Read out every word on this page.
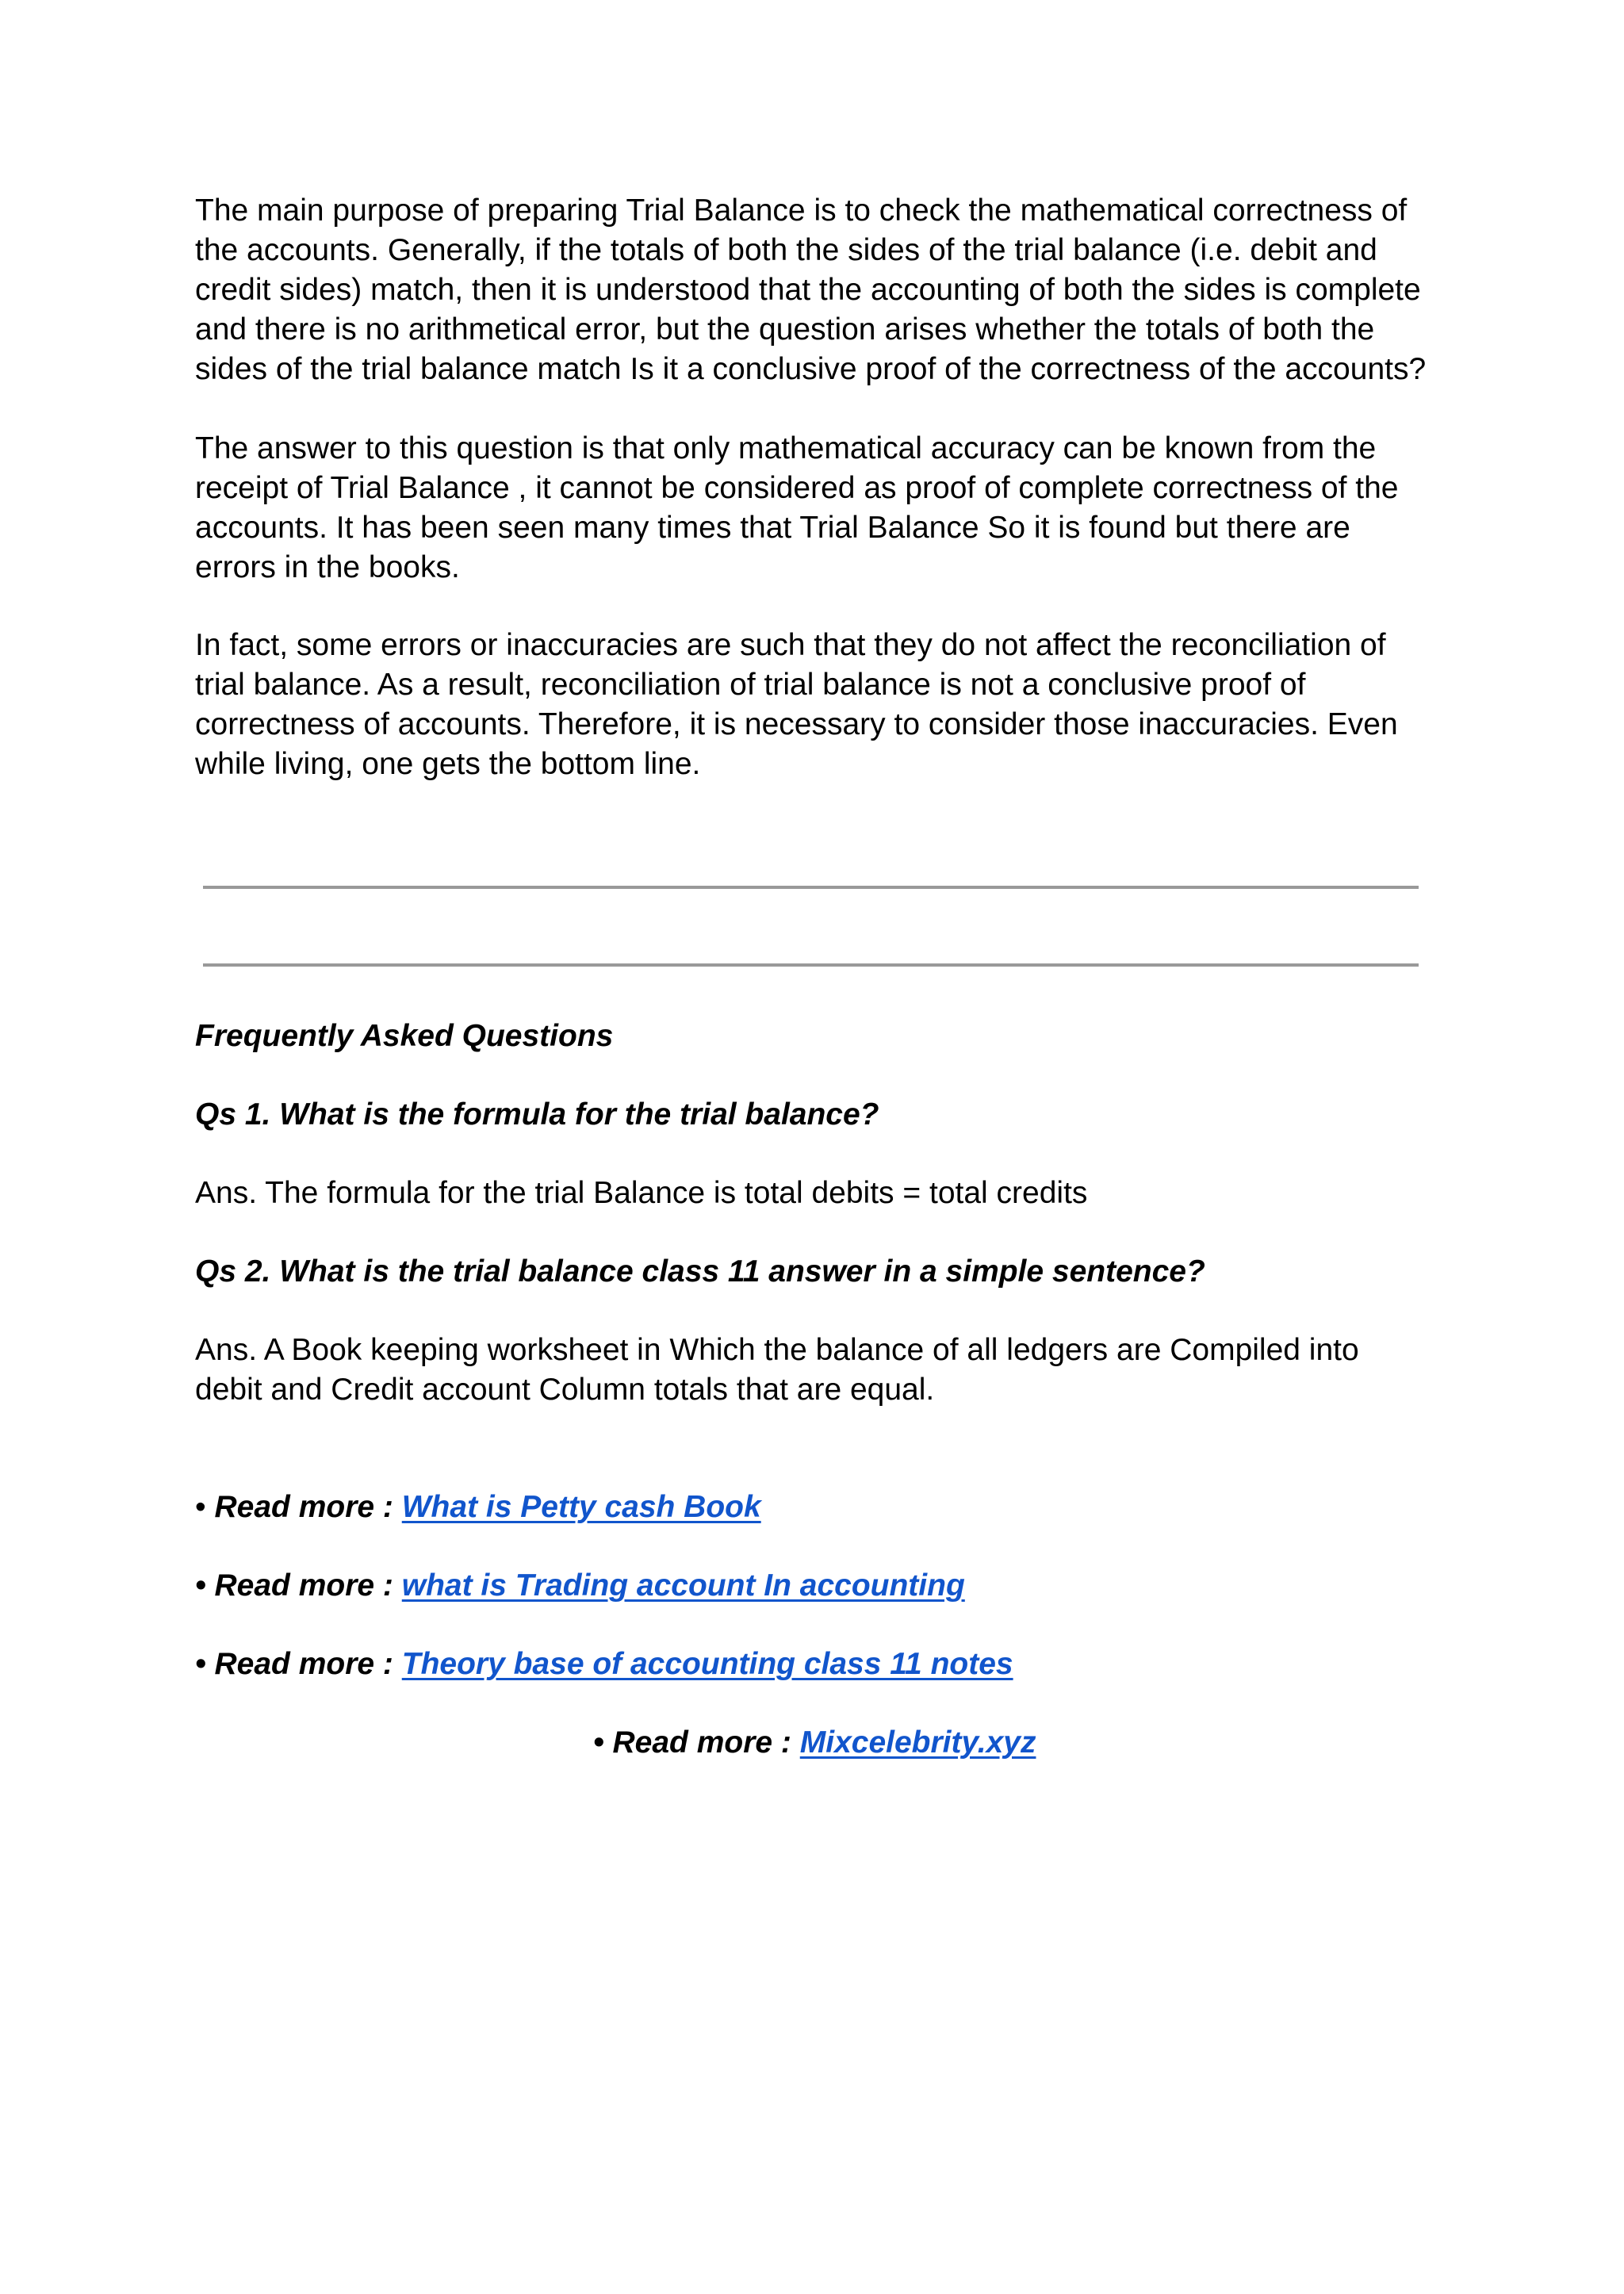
The main purpose of preparing Trial Balance is to check the mathematical correctness of the accounts. Generally, if the totals of both the sides of the trial balance (i.e. debit and credit sides) match, then it is understood that the accounting of both the sides is complete and there is no arithmetical error, but the question arises whether the totals of both the sides of the trial balance match Is it a conclusive proof of the correctness of the accounts?

The answer to this question is that only mathematical accuracy can be known from the receipt of Trial Balance , it cannot be considered as proof of complete correctness of the accounts. It has been seen many times that Trial Balance So it is found but there are errors in the books.

In fact, some errors or inaccuracies are such that they do not affect the reconciliation of trial balance. As a result, reconciliation of trial balance is not a conclusive proof of correctness of accounts. Therefore, it is necessary to consider those inaccuracies. Even while living, one gets the bottom line.

Frequently Asked Questions

Qs 1. What is the formula for the trial balance?

Ans. The formula for the trial Balance is total debits = total credits

Qs 2. What is the trial balance class 11 answer in a simple sentence?

Ans. A Book keeping worksheet in Which the balance of all ledgers are Compiled into debit and Credit account Column totals that are equal.

• Read more : What is Petty cash Book

• Read more : what is Trading account In accounting

• Read more : Theory base of accounting class 11 notes

• Read more : Mixcelebrity.xyz
